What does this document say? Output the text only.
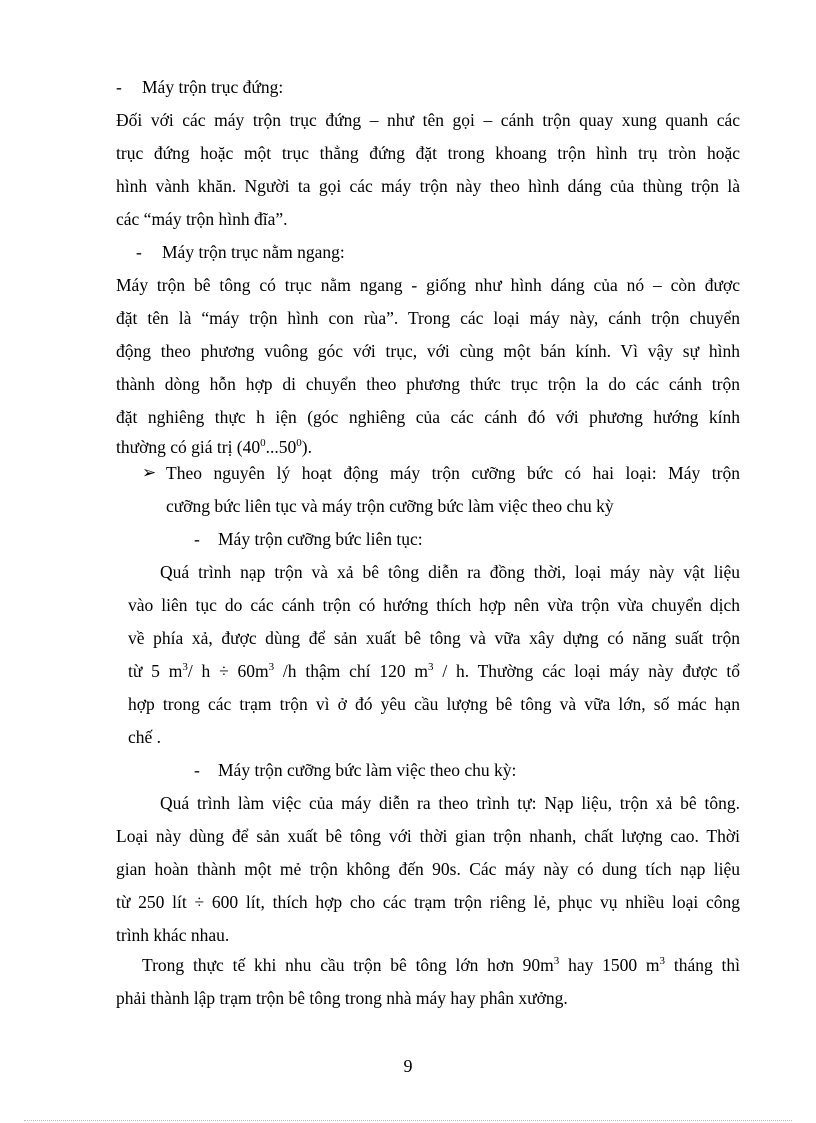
- Máy trộn trục đứng:
Đối với các máy trộn trục đứng – như tên gọi – cánh trộn quay xung quanh các
trục đứng hoặc một trục thẳng đứng đặt trong khoang trộn hình trụ tròn hoặc
hình vành khăn. Người ta gọi các máy trộn này theo hình dáng của thùng trộn là
các “máy trộn hình đĩa”.
- Máy trộn trục nằm ngang:
Máy trộn bê tông có trục nằm ngang - giống như hình dáng của nó – còn được
đặt tên là “máy trộn hình con rùa”. Trong các loại máy này, cánh trộn chuyển
động theo phương vuông góc với trục, với cùng một bán kính. Vì vậy sự hình
thành dòng hỗn hợp di chuyển theo phương thức trục trộn la do các cánh trộn
đặt nghiêng thực h iện (góc nghiêng của các cánh đó với phương hướng kính
thường có giá trị $(40^0...50^0)$.
➢ Theo nguyên lý hoạt động máy trộn cưỡng bức có hai loại: Máy trộn
cưỡng bức liên tục và máy trộn cưỡng bức làm việc theo chu kỳ
- Máy trộn cưỡng bức liên tục:
Quá trình nạp trộn và xả bê tông diễn ra đồng thời, loại máy này vật liệu
vào liên tục do các cánh trộn có hướng thích hợp nên vừa trộn vừa chuyển dịch
về phía xả, được dùng để sản xuất bê tông và vữa xây dựng có năng suất trộn
từ 5 $m^3/$ $h \div 60m^3$ /h thậm chí 120 $m^3$ / h. Thường các loại máy này được tổ
hợp trong các trạm trộn vì ở đó yêu cầu lượng bê tông và vữa lớn, số mác hạn
chế .
- Máy trộn cưỡng bức làm việc theo chu kỳ:
Quá trình làm việc của máy diễn ra theo trình tự: Nạp liệu, trộn xả bê tông.
Loại này dùng để sản xuất bê tông với thời gian trộn nhanh, chất lượng cao. Thời
gian hoàn thành một mẻ trộn không đến 90s. Các máy này có dung tích nạp liệu
từ 250 lít ÷ 600 lít, thích hợp cho các trạm trộn riêng lẻ, phục vụ nhiều loại công
trình khác nhau.
Trong thực tế khi nhu cầu trộn bê tông lớn hơn $90m^3$ hay 1500 $m^3$ tháng thì
phải thành lập trạm trộn bê tông trong nhà máy hay phân xưởng.
9
